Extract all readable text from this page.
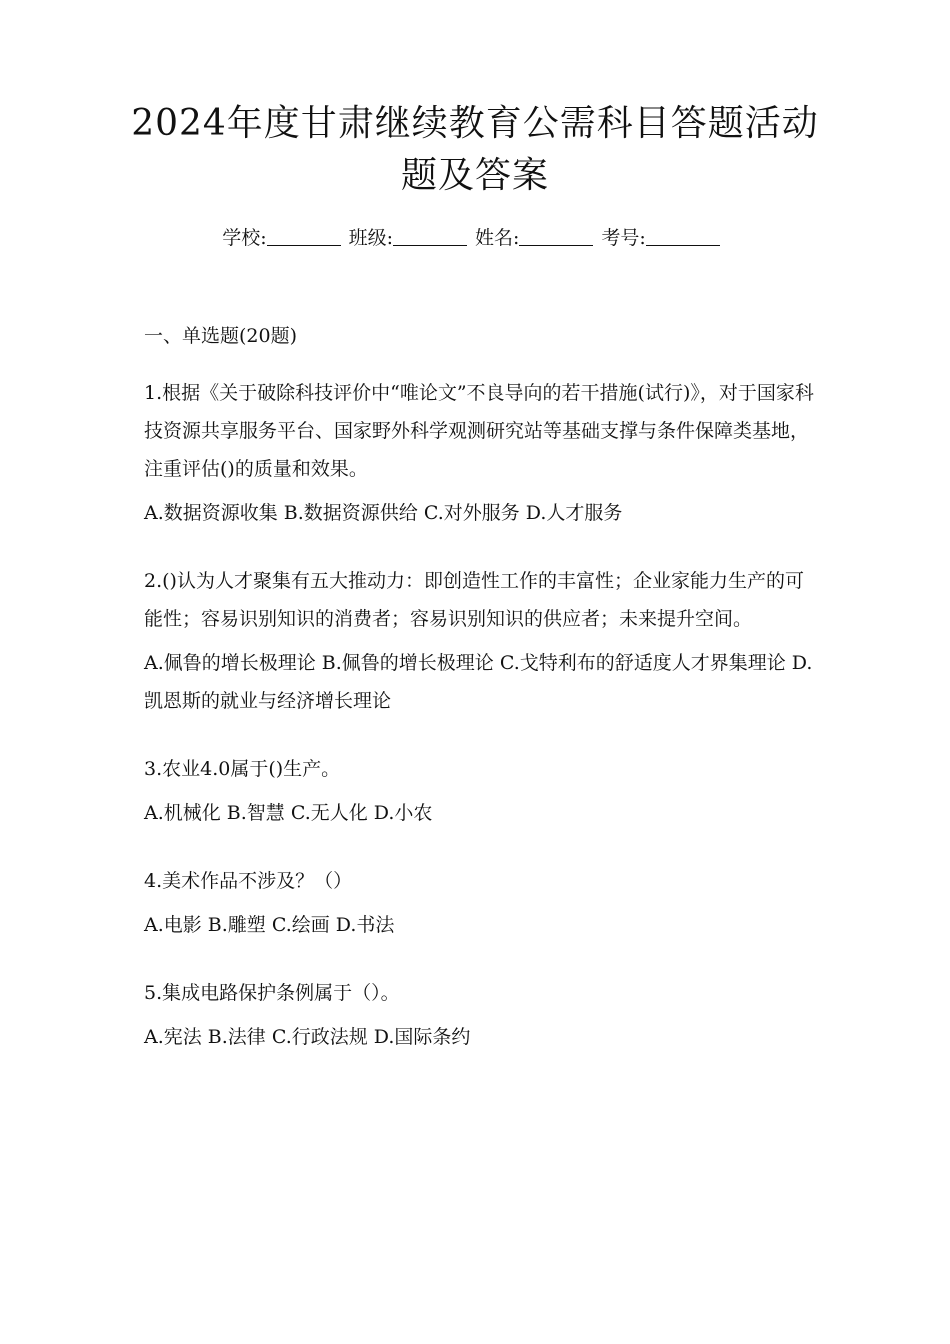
2024年度甘肃继续教育公需科目答题活动
题及答案
学校:	班级:	姓名:	考号:

一、单选题(20题)

1.根据《关于破除科技评价中“唯论文”不良导向的若干措施(试行)》，对于国家科技资源共享服务平台、国家野外科学观测研究站等基础支撑与条件保障类基地，注重评估()的质量和效果。

A.数据资源收集 B.数据资源供给 C.对外服务 D.人才服务

2.()认为人才聚集有五大推动力：即创造性工作的丰富性；企业家能力生产的可能性；容易识别知识的消费者；容易识别知识的供应者；未来提升空间。

A.佩鲁的增长极理论 B.佩鲁的增长极理论 C.戈特利布的舒适度人才界集理论 D.凯恩斯的就业与经济增长理论

3.农业4.0属于()生产。

A.机械化 B.智慧 C.无人化 D.小农

4.美术作品不涉及？（）

A.电影 B.雕塑 C.绘画 D.书法

5.集成电路保护条例属于（）。

A.宪法 B.法律 C.行政法规 D.国际条约
